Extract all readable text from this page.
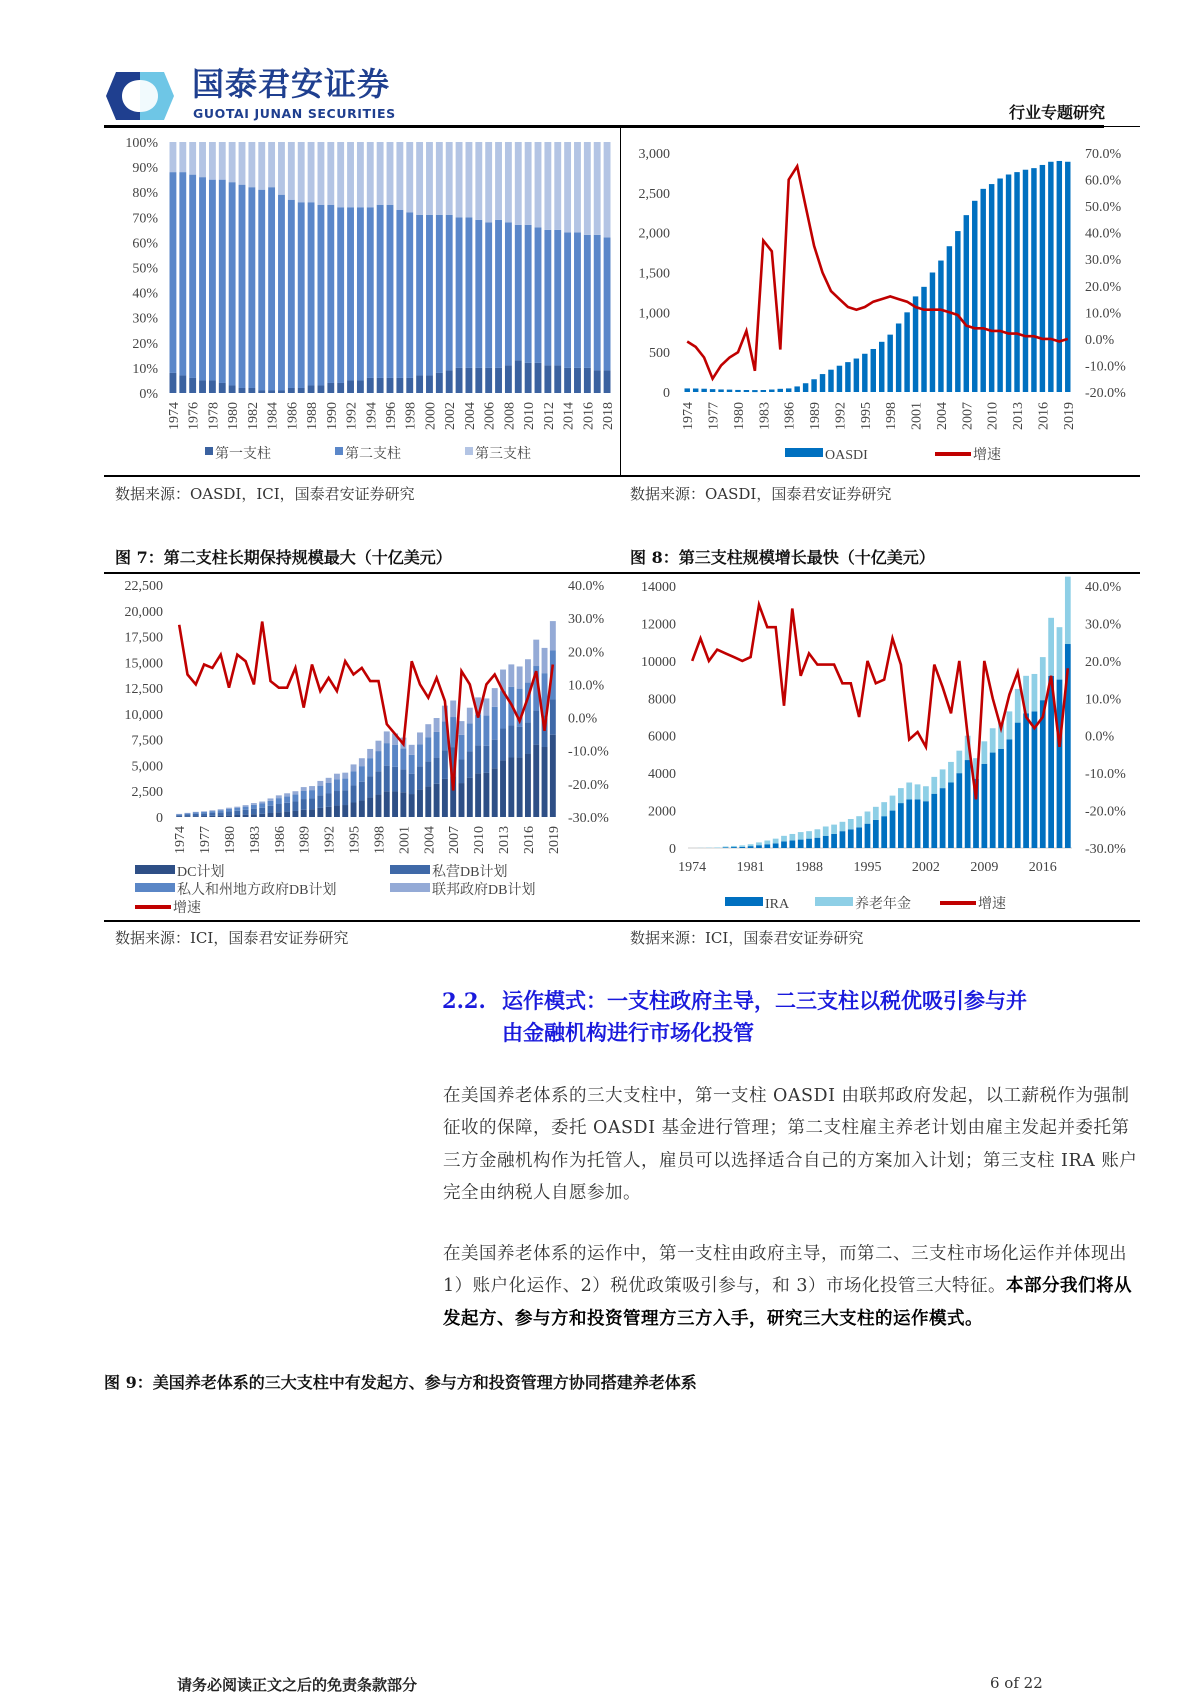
国泰君安证券
GUOTAI JUNAN SECURITIES	行业专题研究
0%
10%
20%
30%
40%
50%
60%
70%
80%
90%
100%
1974 1976 1978 1980 1982 1984 1986 1988 1990 1992 1994 1996 1998 2000 2002 2004 2006 2008 2010 2012 2014 2016 2018
第一支柱	第二支柱	第三支柱
0
500
1,000
1,500
2,000
2,500
3,000
-20.0%
-10.0%
0.0%
10.0%
20.0%
30.0%
40.0%
50.0%
60.0%
70.0%
1974 1977 1980 1983 1986 1989 1992 1995 1998 2001 2004 2007 2010 2013 2016 2019
OASDI	增速
0
2,500
5,000
7,500
10,000
12,500
15,000
17,500
20,000
22,500
-30.0%
-20.0%
-10.0%
0.0%
10.0%
20.0%
30.0%
40.0%
1974 1977 1980 1983 1986 1989 1992 1995 1998 2001 2004 2007 2010 2013 2016 2019
DC计划	私营DB计划
私人和州地方政府DB计划	联邦政府DB计划
增速
0
2000
4000
6000
8000
10000
12000
14000
-30.0%
-20.0%
-10.0%
0.0%
10.0%
20.0%
30.0%
40.0%
1974 1981 1988 1995 2002 2009 2016
IRA	养老年金	增速
数据来源：OASDI，ICI，国泰君安证券研究	数据来源：OASDI，国泰君安证券研究
图 7：第二支柱长期保持规模最大（十亿美元）	图 8：第三支柱规模增长最快（十亿美元）
数据来源：ICI，国泰君安证券研究	数据来源：ICI，国泰君安证券研究
2.2. 运作模式：一支柱政府主导，二三支柱以税优吸引参与并
由金融机构进行市场化投管
在美国养老体系的三大支柱中，第一支柱 OASDI 由联邦政府发起，以工薪税作为强制征收的保障，委托 OASDI 基金进行管理；第二支柱雇主养老计划由雇主发起并委托第三方金融机构作为托管人，雇员可以选择适合自己的方案加入计划；第三支柱 IRA 账户完全由纳税人自愿参加。
在美国养老体系的运作中，第一支柱由政府主导，而第二、三支柱市场化运作并体现出 1）账户化运作、2）税优政策吸引参与，和 3）市场化投管三大特征。本部分我们将从发起方、参与方和投资管理方三方入手，研究三大支柱的运作模式。
图 9：美国养老体系的三大支柱中有发起方、参与方和投资管理方协同搭建养老体系
请务必阅读正文之后的免责条款部分	6 of 22
